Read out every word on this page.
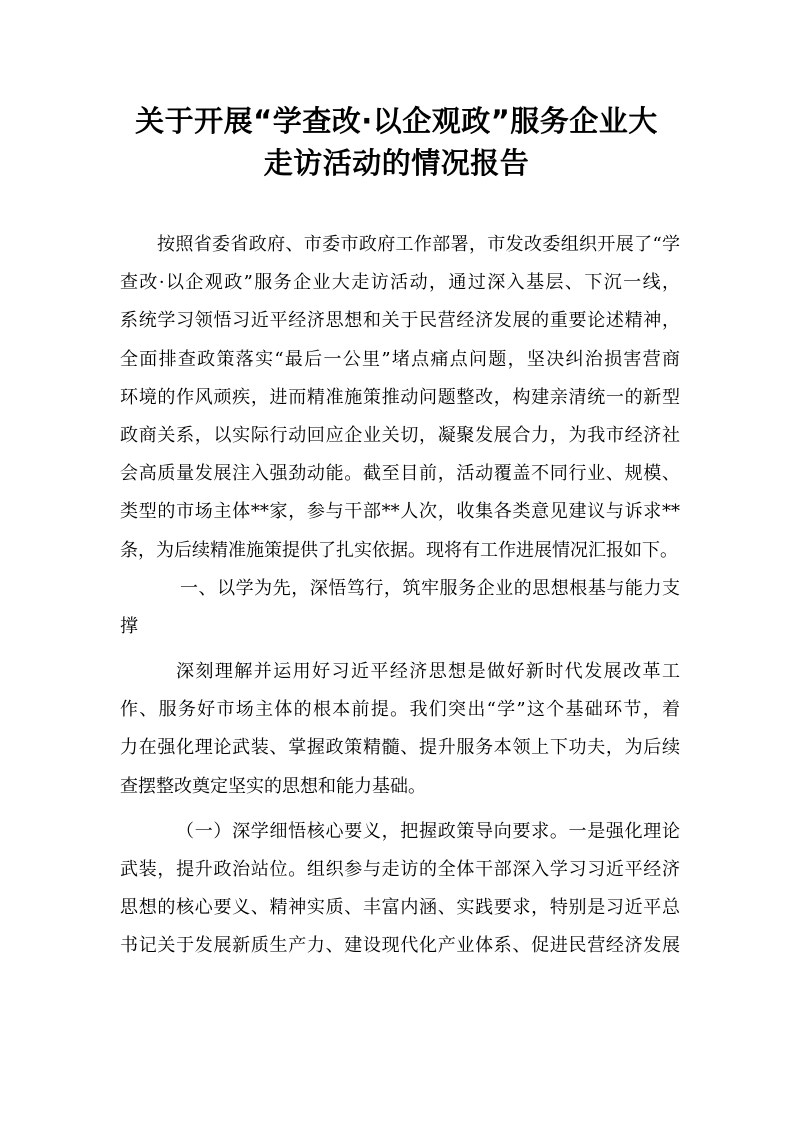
关于开展“学查改·以企观政”服务企业大
走访活动的情况报告
按照省委省政府、市委市政府工作部署，市发改委组织开展了“学
查改·以企观政”服务企业大走访活动，通过深入基层、下沉一线，
系统学习领悟习近平经济思想和关于民营经济发展的重要论述精神，
全面排查政策落实“最后一公里”堵点痛点问题，坚决纠治损害营商
环境的作风顽疾，进而精准施策推动问题整改，构建亲清统一的新型
政商关系，以实际行动回应企业关切，凝聚发展合力，为我市经济社
会高质量发展注入强劲动能。截至目前，活动覆盖不同行业、规模、
类型的市场主体**家，参与干部**人次，收集各类意见建议与诉求**
条，为后续精准施策提供了扎实依据。现将有工作进展情况汇报如下。
一、以学为先，深悟笃行，筑牢服务企业的思想根基与能力支
撑
深刻理解并运用好习近平经济思想是做好新时代发展改革工
作、服务好市场主体的根本前提。我们突出“学”这个基础环节，着
力在强化理论武装、掌握政策精髓、提升服务本领上下功夫，为后续
查摆整改奠定坚实的思想和能力基础。
（一）深学细悟核心要义，把握政策导向要求。一是强化理论
武装，提升政治站位。组织参与走访的全体干部深入学习习近平经济
思想的核心要义、精神实质、丰富内涵、实践要求，特别是习近平总
书记关于发展新质生产力、建设现代化产业体系、促进民营经济发展
